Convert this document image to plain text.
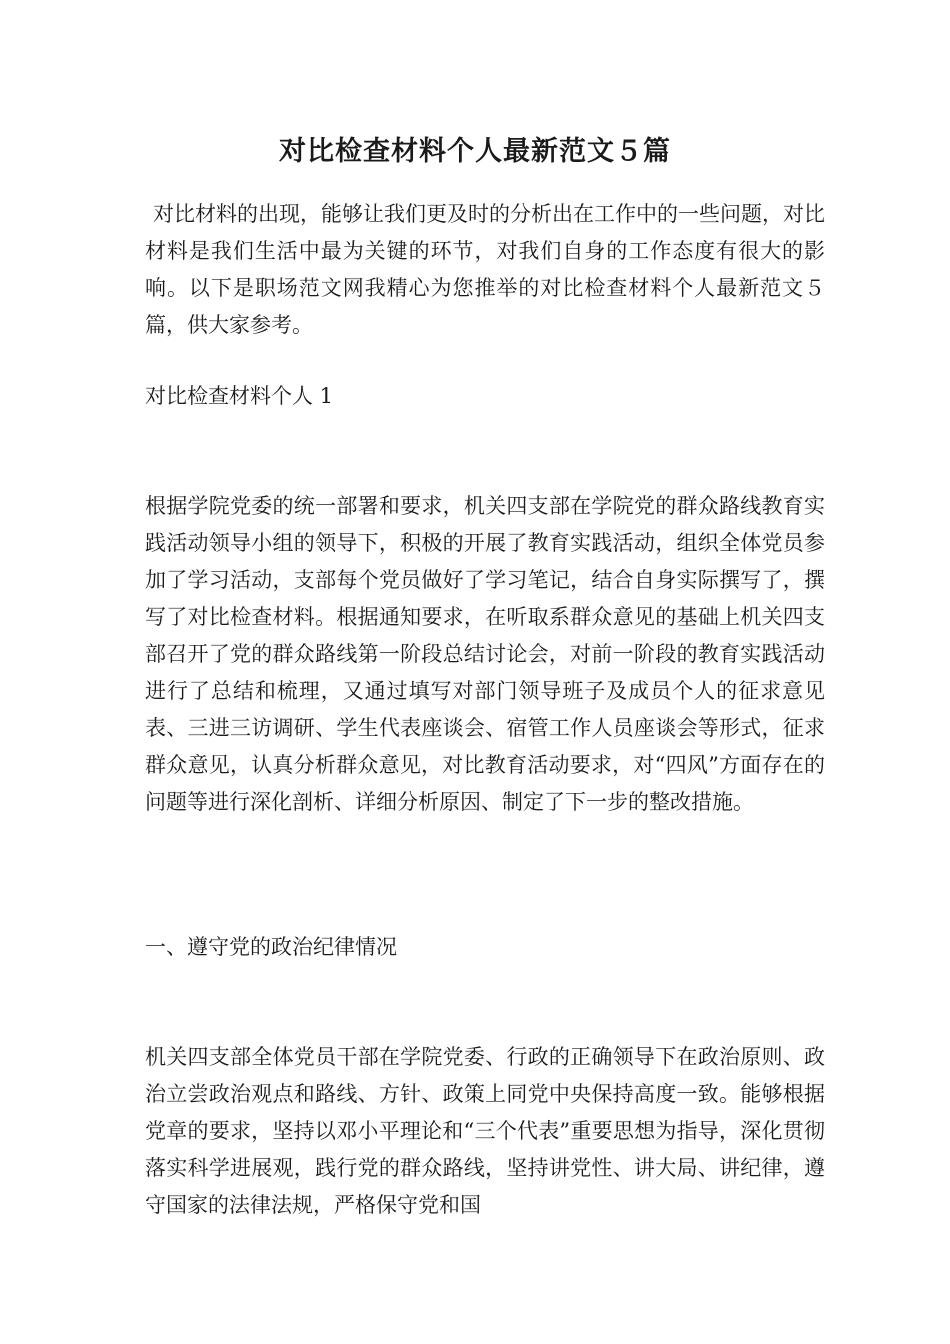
对比检查材料个人最新范文５篇

对比材料的出现，能够让我们更及时的分析出在工作中的一些问题，对比材料是我们生活中最为关键的环节，对我们自身的工作态度有很大的影响。以下是职场范文网我精心为您推举的对比检查材料个人最新范文５篇，供大家参考。

对比检查材料个人 1

根据学院党委的统一部署和要求，机关四支部在学院党的群众路线教育实践活动领导小组的领导下，积极的开展了教育实践活动，组织全体党员参加了学习活动，支部每个党员做好了学习笔记，结合自身实际撰写了，撰写了对比检查材料。根据通知要求，在听取系群众意见的基础上机关四支部召开了党的群众路线第一阶段总结讨论会，对前一阶段的教育实践活动进行了总结和梳理，又通过填写对部门领导班子及成员个人的征求意见表、三进三访调研、学生代表座谈会、宿管工作人员座谈会等形式，征求群众意见，认真分析群众意见，对比教育活动要求，对“四风”方面存在的问题等进行深化剖析、详细分析原因、制定了下一步的整改措施。

一、遵守党的政治纪律情况

机关四支部全体党员干部在学院党委、行政的正确领导下在政治原则、政治立尝政治观点和路线、方针、政策上同党中央保持高度一致。能够根据党章的要求，坚持以邓小平理论和“三个代表”重要思想为指导，深化贯彻落实科学进展观，践行党的群众路线，坚持讲党性、讲大局、讲纪律，遵守国家的法律法规，严格保守党和国
